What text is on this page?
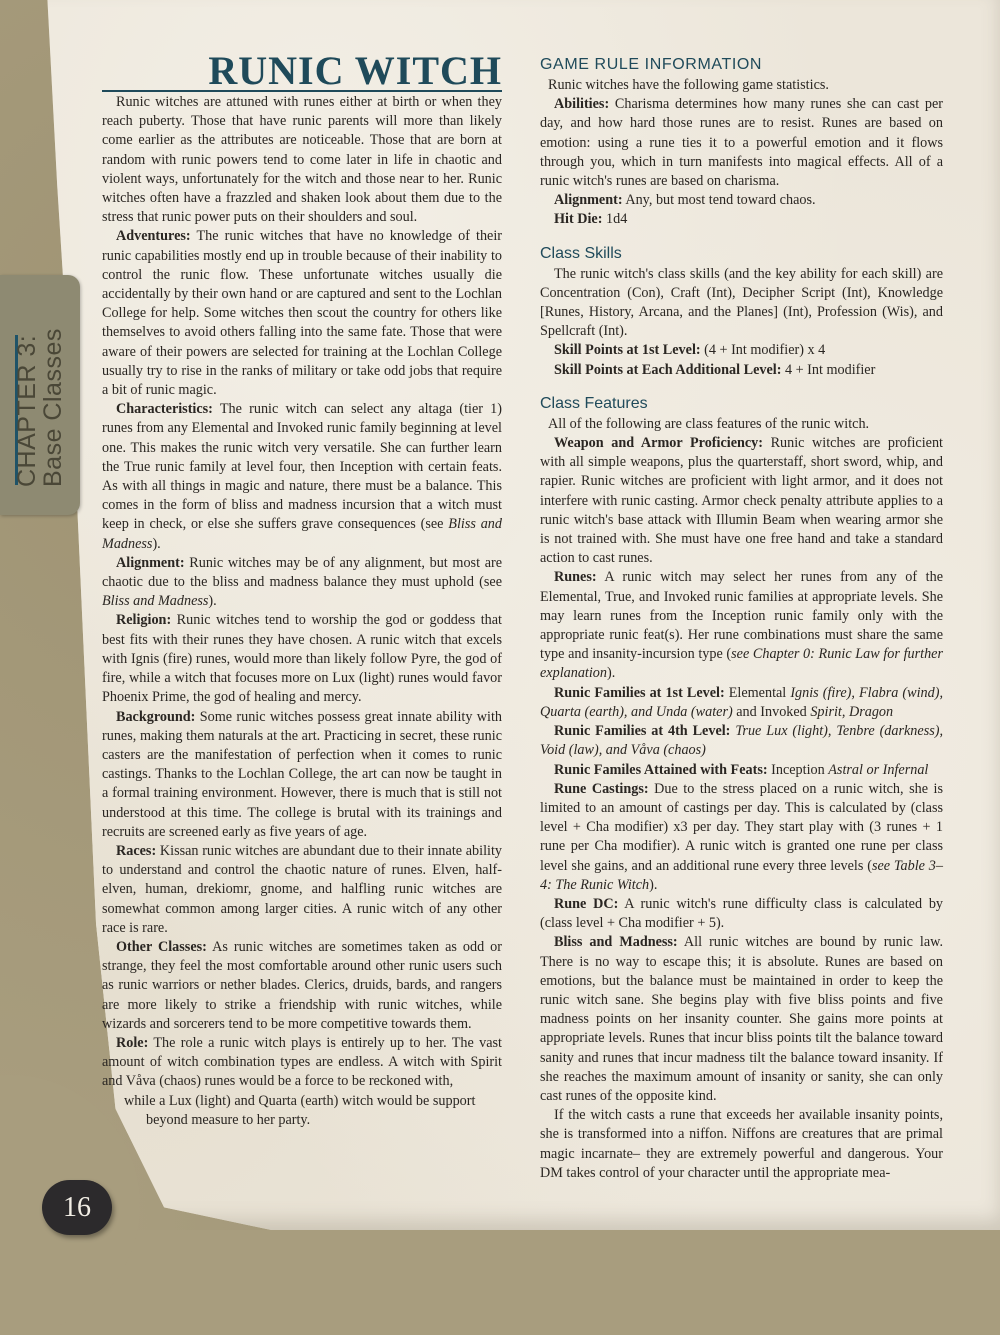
CHAPTER 3:
Base Classes
16
RUNIC WITCH

Runic witches are attuned with runes either at birth or when they reach puberty. Those that have runic parents will more than likely come earlier as the attributes are noticeable. Those that are born at random with runic powers tend to come later in life in chaotic and violent ways, unfortunately for the witch and those near to her. Runic witches often have a frazzled and shaken look about them due to the stress that runic power puts on their shoulders and soul.

Adventures: The runic witches that have no knowledge of their runic capabilities mostly end up in trouble because of their inability to control the runic flow. These unfortunate witches usually die accidentally by their own hand or are captured and sent to the Lochlan College for help. Some witches then scout the country for others like themselves to avoid others falling into the same fate. Those that were aware of their powers are selected for training at the Lochlan College usually try to rise in the ranks of military or take odd jobs that require a bit of runic magic.

Characteristics: The runic witch can select any altaga (tier 1) runes from any Elemental and Invoked runic family beginning at level one. This makes the runic witch very versatile. She can further learn the True runic family at level four, then Inception with certain feats. As with all things in magic and nature, there must be a balance. This comes in the form of bliss and madness incursion that a witch must keep in check, or else she suffers grave consequences (see Bliss and Madness).

Alignment: Runic witches may be of any alignment, but most are chaotic due to the bliss and madness balance they must uphold (see Bliss and Madness).

Religion: Runic witches tend to worship the god or goddess that best fits with their runes they have chosen. A runic witch that excels with Ignis (fire) runes, would more than likely follow Pyre, the god of fire, while a witch that focuses more on Lux (light) runes would favor Phoenix Prime, the god of healing and mercy.

Background: Some runic witches possess great innate ability with runes, making them naturals at the art. Practicing in secret, these runic casters are the manifestation of perfection when it comes to runic castings. Thanks to the Lochlan College, the art can now be taught in a formal training environment. However, there is much that is still not understood at this time. The college is brutal with its trainings and recruits are screened early as five years of age.

Races: Kissan runic witches are abundant due to their innate ability to understand and control the chaotic nature of runes. Elven, half-elven, human, drekiomr, gnome, and halfling runic witches are somewhat common among larger cities. A runic witch of any other race is rare.

Other Classes: As runic witches are sometimes taken as odd or strange, they feel the most comfortable around other runic users such as runic warriors or nether blades. Clerics, druids, bards, and rangers are more likely to strike a friendship with runic witches, while wizards and sorcerers tend to be more competitive towards them.

Role: The role a runic witch plays is entirely up to her. The vast amount of witch combination types are endless. A witch with Spirit and Våva (chaos) runes would be a force to be reckoned with,

while a Lux (light) and Quarta (earth) witch would be support
beyond measure to her party.
GAME RULE INFORMATION

Runic witches have the following game statistics.

Abilities: Charisma determines how many runes she can cast per day, and how hard those runes are to resist. Runes are based on emotion: using a rune ties it to a powerful emotion and it flows through you, which in turn manifests into magical effects. All of a runic witch's runes are based on charisma.

Alignment: Any, but most tend toward chaos.

Hit Die: 1d4

Class Skills

The runic witch's class skills (and the key ability for each skill) are Concentration (Con), Craft (Int), Decipher Script (Int), Knowledge [Runes, History, Arcana, and the Planes] (Int), Profession (Wis), and Spellcraft (Int).

Skill Points at 1st Level: (4 + Int modifier) x 4

Skill Points at Each Additional Level: 4 + Int modifier

Class Features

All of the following are class features of the runic witch.

Weapon and Armor Proficiency: Runic witches are proficient with all simple weapons, plus the quarterstaff, short sword, whip, and rapier. Runic witches are proficient with light armor, and it does not interfere with runic casting. Armor check penalty attribute applies to a runic witch's base attack with Illumin Beam when wearing armor she is not trained with. She must have one free hand and take a standard action to cast runes.

Runes: A runic witch may select her runes from any of the Elemental, True, and Invoked runic families at appropriate levels. She may learn runes from the Inception runic family only with the appropriate runic feat(s). Her rune combinations must share the same type and insanity-incursion type (see Chapter 0: Runic Law for further explanation).

Runic Families at 1st Level: Elemental Ignis (fire), Flabra (wind), Quarta (earth), and Unda (water) and Invoked Spirit, Dragon

Runic Families at 4th Level: True Lux (light), Tenbre (darkness), Void (law), and Våva (chaos)

Runic Familes Attained with Feats: Inception Astral or Infernal

Rune Castings: Due to the stress placed on a runic witch, she is limited to an amount of castings per day. This is calculated by (class level + Cha modifier) x3 per day. They start play with (3 runes + 1 rune per Cha modifier). A runic witch is granted one rune per class level she gains, and an additional rune every three levels (see Table 3–4: The Runic Witch).

Rune DC: A runic witch's rune difficulty class is calculated by (class level + Cha modifier + 5).

Bliss and Madness: All runic witches are bound by runic law. There is no way to escape this; it is absolute. Runes are based on emotions, but the balance must be maintained in order to keep the runic witch sane. She begins play with five bliss points and five madness points on her insanity counter. She gains more points at appropriate levels. Runes that incur bliss points tilt the balance toward sanity and runes that incur madness tilt the balance toward insanity. If she reaches the maximum amount of insanity or sanity, she can only cast runes of the opposite kind.

If the witch casts a rune that exceeds her available insanity points, she is transformed into a niffon. Niffons are creatures that are primal magic incarnate– they are extremely powerful and dangerous. Your DM takes control of your character until the appropriate mea-
